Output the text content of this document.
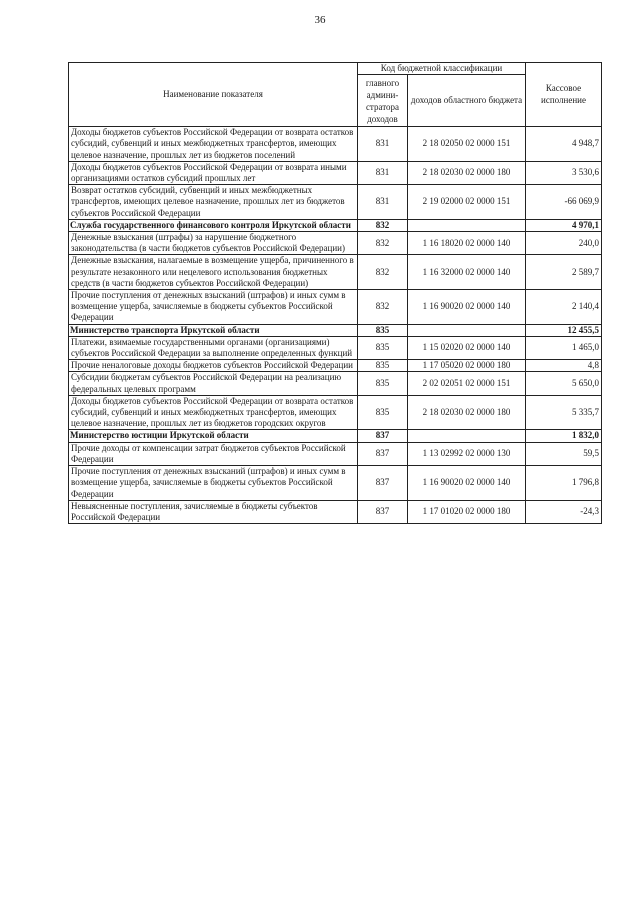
36
Наименование показателя	Код бюджетной классификации		Кассовое исполнение
	главного админи-стратора доходов	доходов областного бюджета	
Доходы бюджетов субъектов Российской Федерации от возврата остатков субсидий, субвенций и иных межбюджетных трансфертов, имеющих целевое назначение, прошлых лет из бюджетов поселений	831	2 18 02050 02 0000 151	4 948,7
Доходы бюджетов субъектов Российской Федерации от возврата иными организациями остатков субсидий прошлых лет	831	2 18 02030 02 0000 180	3 530,6
Возврат остатков субсидий, субвенций и иных межбюджетных трансфертов, имеющих целевое назначение, прошлых лет из бюджетов субъектов Российской Федерации	831	2 19 02000 02 0000 151	-66 069,9
Служба государственного финансового контроля Иркутской области	832		4 970,1
Денежные взыскания (штрафы) за нарушение бюджетного законодательства (в части бюджетов субъектов Российской Федерации)	832	1 16 18020 02 0000 140	240,0
Денежные взыскания, налагаемые в возмещение ущерба, причиненного в результате незаконного или нецелевого использования бюджетных средств (в части бюджетов субъектов Российской Федерации)	832	1 16 32000 02 0000 140	2 589,7
Прочие поступления от денежных взысканий (штрафов) и иных сумм в возмещение ущерба, зачисляемые в бюджеты субъектов Российской Федерации	832	1 16 90020 02 0000 140	2 140,4
Министерство транспорта Иркутской области	835		12 455,5
Платежи, взимаемые государственными органами (организациями) субъектов Российской Федерации за выполнение определенных функций	835	1 15 02020 02 0000 140	1 465,0
Прочие неналоговые доходы бюджетов субъектов Российской Федерации	835	1 17 05020 02 0000 180	4,8
Субсидии бюджетам субъектов Российской Федерации на реализацию федеральных целевых программ	835	2 02 02051 02 0000 151	5 650,0
Доходы бюджетов субъектов Российской Федерации от возврата остатков субсидий, субвенций и иных межбюджетных трансфертов, имеющих целевое назначение, прошлых лет из бюджетов городских округов	835	2 18 02030 02 0000 180	5 335,7
Министерство юстиции Иркутской области	837		1 832,0
Прочие доходы от компенсации затрат бюджетов субъектов Российской Федерации	837	1 13 02992 02 0000 130	59,5
Прочие поступления от денежных взысканий (штрафов) и иных сумм в возмещение ущерба, зачисляемые в бюджеты субъектов Российской Федерации	837	1 16 90020 02 0000 140	1 796,8
Невыясненные поступления, зачисляемые в бюджеты субъектов Российской Федерации	837	1 17 01020 02 0000 180	-24,3
